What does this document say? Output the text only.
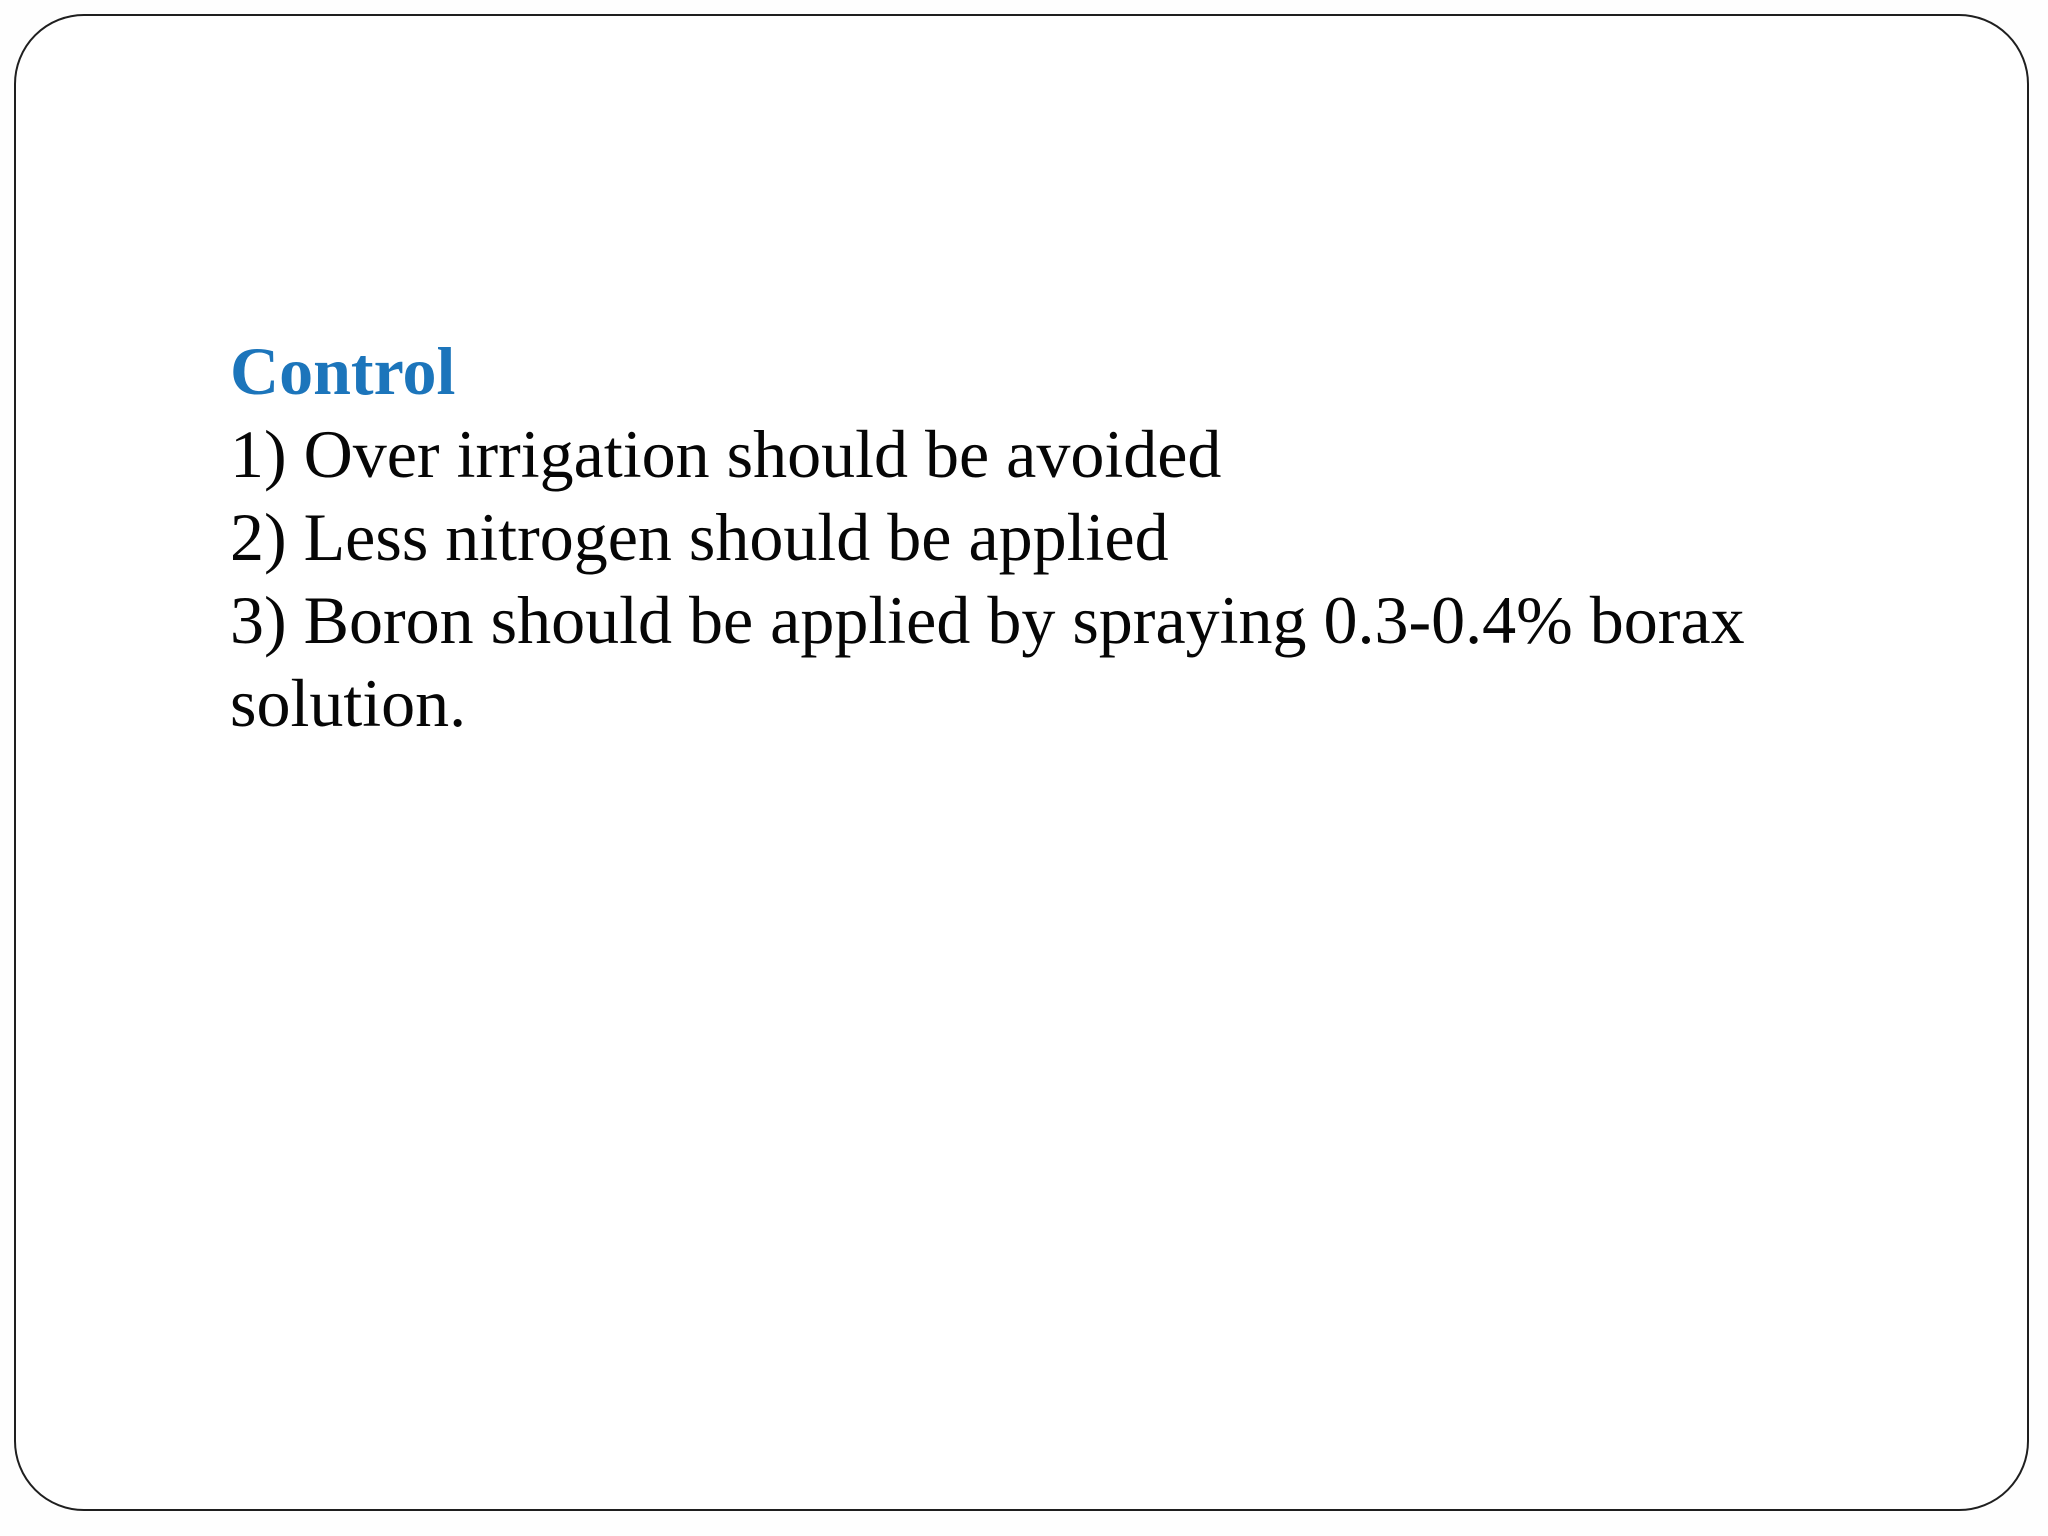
Control
1) Over irrigation should be avoided
2) Less nitrogen should be applied
3) Boron should be applied by spraying 0.3-0.4% borax
solution.
